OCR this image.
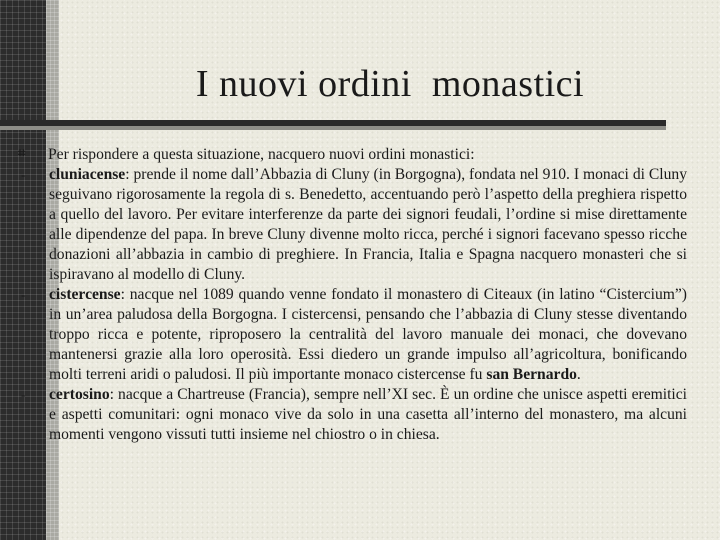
I nuovi ordini  monastici
⌗	Per rispondere a questa situazione, nacquero nuovi ordini monastici:
-	cluniacense: prende il nome dall’Abbazia di Cluny (in Borgogna), fondata nel 910. I monaci di Cluny seguivano rigorosamente la regola di s. Benedetto, accentuando però l’aspetto della preghiera rispetto a quello del lavoro. Per evitare interferenze da parte dei signori feudali, l’ordine si mise direttamente alle dipendenze del papa. In breve Cluny divenne molto ricca, perché i signori facevano spesso ricche donazioni all’abbazia in cambio di preghiere. In Francia, Italia e Spagna nacquero monasteri che si ispiravano al modello di Cluny.
-	cistercense: nacque nel 1089 quando venne fondato il monastero di Citeaux (in latino “Cistercium”) in un’area paludosa della Borgogna. I cistercensi, pensando che l’abbazia di Cluny stesse diventando troppo ricca e potente, riproposero la centralità del lavoro manuale dei monaci, che dovevano mantenersi grazie alla loro operosità. Essi diedero un grande impulso all’agricoltura, bonificando molti terreni aridi o paludosi. Il più importante monaco cistercense fu san Bernardo.
-	certosino: nacque a Chartreuse (Francia), sempre nell’XI sec. È un ordine che unisce aspetti eremitici e aspetti comunitari: ogni monaco vive da solo in una casetta all’interno del monastero, ma alcuni momenti vengono vissuti tutti insieme nel chiostro o in chiesa.
